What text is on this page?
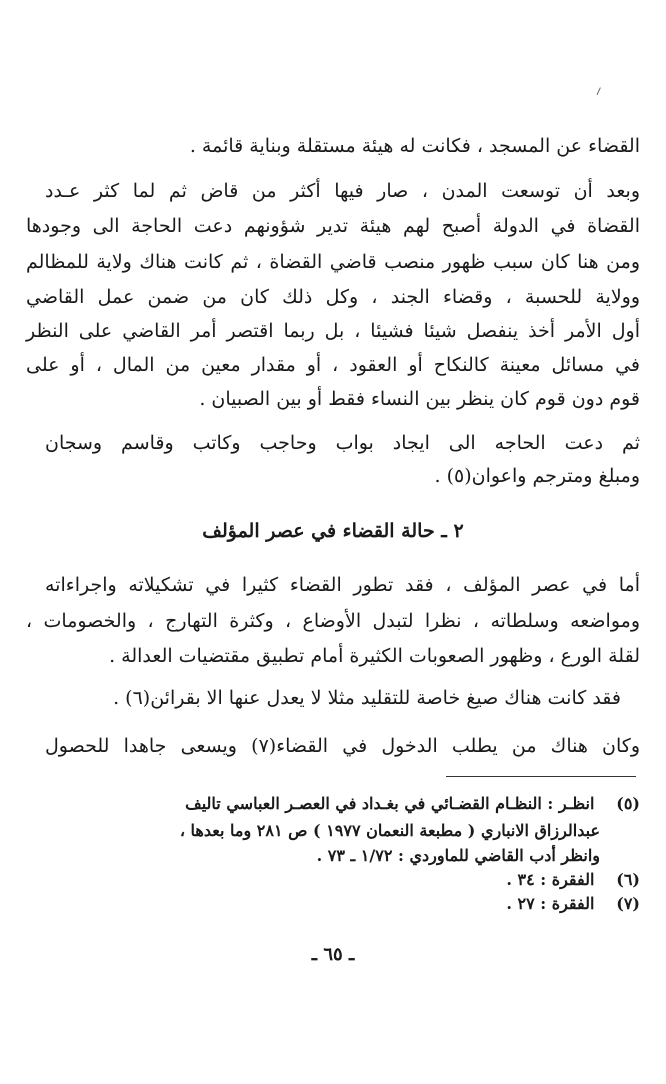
القضاء عن المسجد ، فكانت له هيئة مستقلة وبناية قائمة .
وبعد أن توسعت المدن ، صار فيها أكثر من قاض ثم لما كثر عـدد
القضاة في الدولة أصبح لهم هيئة تدير شؤونهم دعت الحاجة الى وجودها
ومن هنا كان سبب ظهور منصب قاضي القضاة ، ثم كانت هناك ولاية للمظالم
وولاية للحسبة ، وقضاء الجند ، وكل ذلك كان من ضمن عمل القاضي
أول الأمر أخذ ينفصل شيئا فشيئا ، بل ربما اقتصر أمر القاضي على النظر
في مسائل معينة كالنكاح أو العقود ، أو مقدار معين من المال ، أو على
قوم دون قوم كان ينظر بين النساء فقط أو بين الصبيان .
ثم دعت الحاجه الى ايجاد بواب وحاجب وكاتب وقاسم وسجان
ومبلغ ومترجم واعوان(٥) .
٢ ـ حالة القضاء في عصر المؤلف
أما في عصر المؤلف ، فقد تطور القضاء كثيرا في تشكيلاته واجراءاته
ومواضعه وسلطاته ، نظرا لتبدل الأوضاع ، وكثرة التهارج ، والخصومات ،
لقلة الورع ، وظهور الصعوبات الكثيرة أمام تطبيق مقتضيات العدالة .
فقد كانت هناك صيغ خاصة للتقليد مثلا لا يعدل عنها الا بقرائن(٦) .
وكان هناك من يطلب الدخول في القضاء(٧) ويسعى جاهدا للحصول
(٥) انظـر : النظـام القضـائي في بغـداد في العصـر العباسي تاليف
عبدالرزاق الانباري ( مطبعة النعمان ١٩٧٧ ) ص ٢٨١ وما بعدها ،
وانظر أدب القاضي للماوردي : ١/٧٢ ـ ٧٣ .
(٦) الفقرة : ٣٤ .
(٧) الفقرة : ٢٧ .
ـ ٦٥ ـ
